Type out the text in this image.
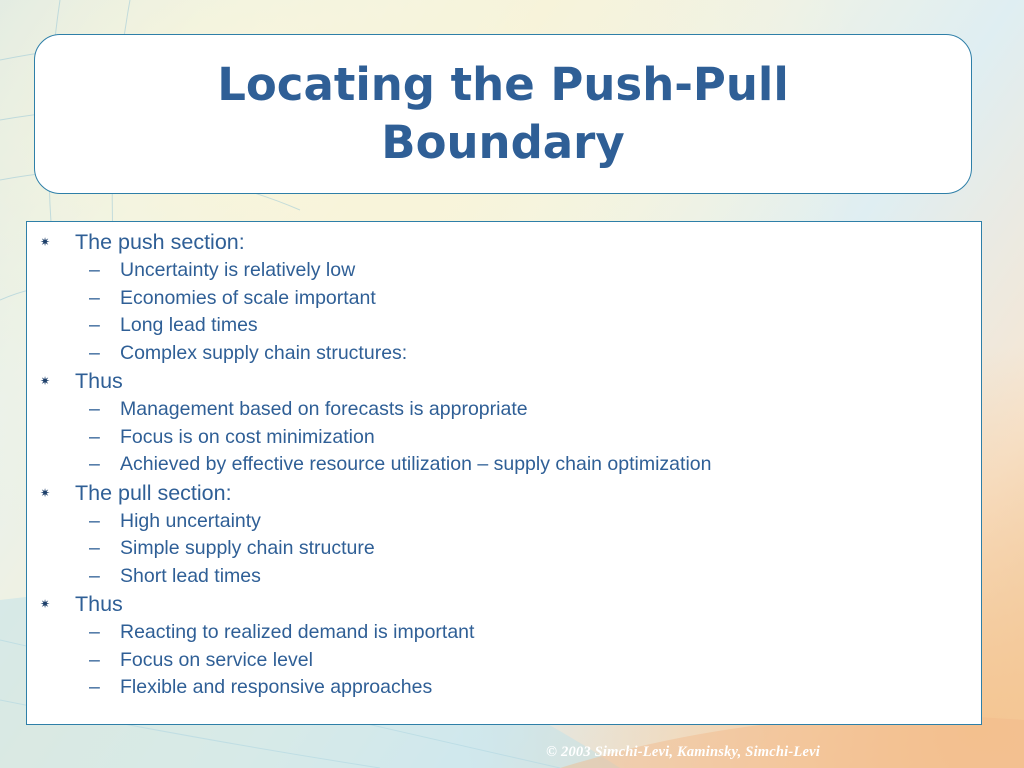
Locating the Push-Pull Boundary
✷ The push section:
– Uncertainty is relatively low
– Economies of scale important
– Long lead times
– Complex supply chain structures:
✷ Thus
– Management based on forecasts is appropriate
– Focus is on cost minimization
– Achieved by effective resource utilization – supply chain optimization
✷ The pull section:
– High uncertainty
– Simple supply chain structure
– Short lead times
✷ Thus
– Reacting to realized demand is important
– Focus on service level
– Flexible and responsive approaches
© 2003 Simchi-Levi, Kaminsky, Simchi-Levi
